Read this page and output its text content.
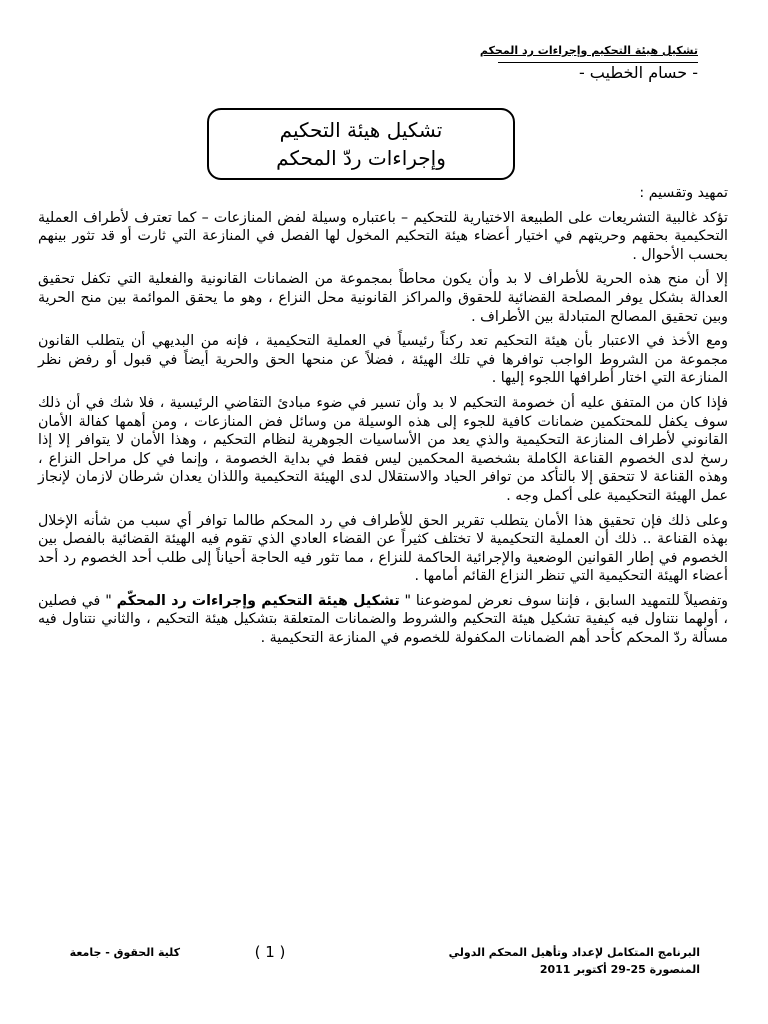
تشكيل هيئة التحكيم وإجراءات رد المحكم
- حسام الخطيب -
تشكيل هيئة التحكيم
وإجراءات ردّ المحكم

تمهيد وتقسيم :

تؤكد غالبية التشريعات على الطبيعة الاختيارية للتحكيم – باعتباره وسيلة لفض المنازعات – كما تعترف لأطراف العملية التحكيمية بحقهم وحريتهم في اختيار أعضاء هيئة التحكيم المخول لها الفصل في المنازعة التي ثارت أو قد تثور بينهم بحسب الأحوال .

إلا أن منح هذه الحرية للأطراف لا بد وأن يكون محاطاً بمجموعة من الضمانات القانونية والفعلية التي تكفل تحقيق العدالة بشكل يوفر المصلحة القضائية للحقوق والمراكز القانونية محل النزاع ، وهو ما يحقق الموائمة بين منح الحرية وبين تحقيق المصالح المتبادلة بين الأطراف .

ومع الأخذ في الاعتبار بأن هيئة التحكيم تعد ركناً رئيسياً في العملية التحكيمية ، فإنه من البديهي أن يتطلب القانون مجموعة من الشروط الواجب توافرها في تلك الهيئة ، فضلاً عن منحها الحق والحرية أيضاً في قبول أو رفض نظر المنازعة التي اختار أطرافها اللجوء إليها .

فإذا كان من المتفق عليه أن خصومة التحكيم لا بد وأن تسير في ضوء مبادئ التقاضي الرئيسية ، فلا شك في أن ذلك سوف يكفل للمحتكمين ضمانات كافية للجوء إلى هذه الوسيلة من وسائل فض المنازعات ، ومن أهمها كفالة الأمان القانوني لأطراف المنازعة التحكيمية والذي يعد من الأساسيات الجوهرية لنظام التحكيم ، وهذا الأمان لا يتوافر إلا إذا رسخ لدى الخصوم القناعة الكاملة بشخصية المحكمين ليس فقط في بداية الخصومة ، وإنما في كل مراحل النزاع ، وهذه القناعة لا تتحقق إلا بالتأكد من توافر الحياد والاستقلال لدى الهيئة التحكيمية واللذان يعدان شرطان لازمان لإنجاز عمل الهيئة التحكيمية على أكمل وجه .

وعلى ذلك فإن تحقيق هذا الأمان يتطلب تقرير الحق للأطراف في رد المحكم طالما توافر أي سبب من شأنه الإخلال بهذه القناعة .. ذلك أن العملية التحكيمية لا تختلف كثيراً عن القضاء العادي الذي تقوم فيه الهيئة القضائية بالفصل بين الخصوم في إطار القوانين الوضعية والإجرائية الحاكمة للنزاع ، مما تثور فيه الحاجة أحياناً إلى طلب أحد الخصوم رد أحد أعضاء الهيئة التحكيمية التي تنظر النزاع القائم أمامها .

وتفصيلاً للتمهيد السابق ، فإننا سوف نعرض لموضوعنا " تشكيل هيئة التحكيم وإجراءات رد المحكّم " في فصلين ، أولهما نتناول فيه كيفية تشكيل هيئة التحكيم والشروط والضمانات المتعلقة بتشكيل هيئة التحكيم ، والثاني نتناول فيه مسألة ردّ المحكم كأحد أهم الضمانات المكفولة للخصوم في المنازعة التحكيمية .

البرنامج المتكامل لإعداد وتأهيل المحكم الدولي
المنصورة 25-29 أكتوبر 2011
( 1 )
كلية الحقوق - جامعة
